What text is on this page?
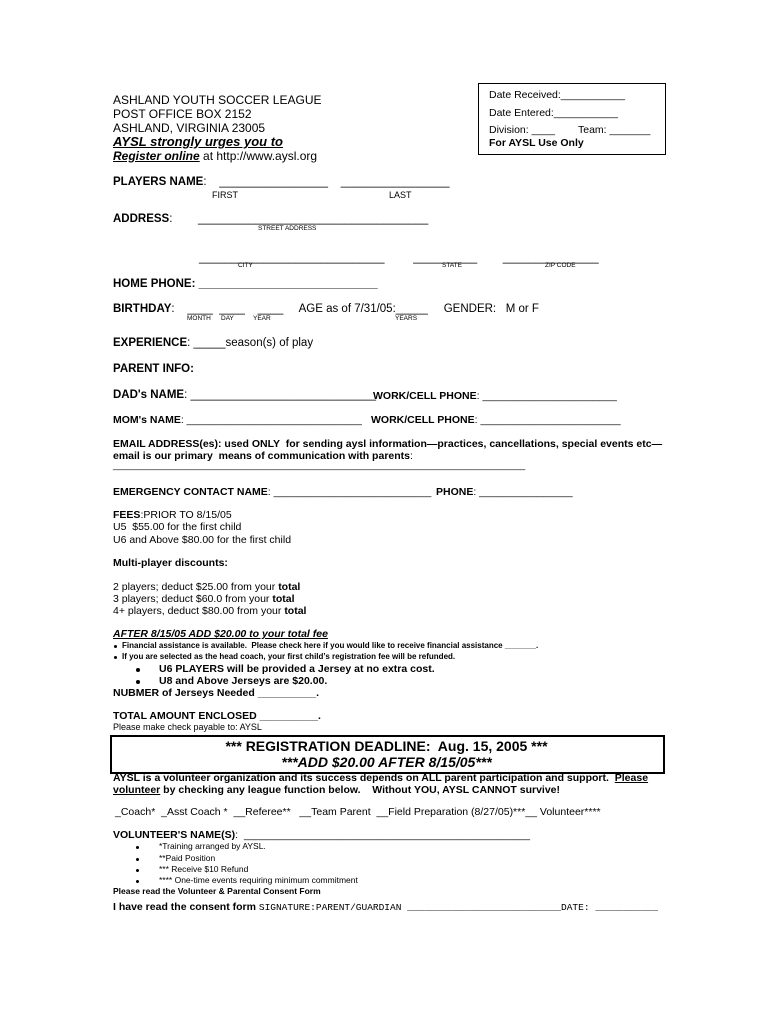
ASHLAND YOUTH SOCCER LEAGUE
POST OFFICE BOX 2152
ASHLAND, VIRGINIA 23005
AYSL strongly urges you to
Register online at http://www.aysl.org
Date Received:___________
Date Entered:___________
Division: ____ Team: _______
For AYSL Use Only
PLAYERS NAME:    _________________    _________________
FIRST	LAST
ADDRESS:        ____________________________________
STREET ADDRESS
_____________________________         __________        _______________
CITY	STATE	ZIP CODE
HOME PHONE: ____________________________
BIRTHDAY:    ____  ____    ____     AGE as of 7/31/05:_____     GENDER:   M or F
MONTH DAY	YEAR	YEARS
EXPERIENCE: _____season(s) of play
PARENT INFO:
DAD's NAME: _____________________________
WORK/CELL PHONE: _______________________
MOM's NAME: ______________________________ WORK/CELL PHONE: ________________________
EMAIL ADDRESS(es): used ONLY  for sending aysl information—practices, cancellations, special events etc—
email is our primary  means of communication with parents:
______________________________________________________________________________
EMERGENCY CONTACT NAME: ___________________________ PHONE: ________________
FEES:PRIOR TO 8/15/05
U5  $55.00 for the first child
U6 and Above $80.00 for the first child
Multi-player discounts:
2 players; deduct $25.00 from your total
3 players; deduct $60.0 from your total
4+ players, deduct $80.00 from your total
AFTER 8/15/05 ADD $20.00 to your total fee
Financial assistance is available.  Please check here if you would like to receive financial assistance _______.
If you are selected as the head coach, your first child’s registration fee will be refunded.
U6 PLAYERS will be provided a Jersey at no extra cost.
U8 and Above Jerseys are $20.00.
NUBMER of Jerseys Needed __________.
TOTAL AMOUNT ENCLOSED __________.
Please make check payable to: AYSL
*** REGISTRATION DEADLINE:  Aug. 15, 2005 ***
***ADD $20.00 AFTER 8/15/05***
AYSL is a volunteer organization and its success depends on ALL parent participation and support.  Please
volunteer by checking any league function below.    Without YOU, AYSL CANNOT survive!
_Coach*  _Asst Coach *  __Referee**   __Team Parent  __Field Preparation (8/27/05)***__ Volunteer****
VOLUNTEER'S NAME(S):  _________________________________________________
*Training arranged by AYSL.
**Paid Position
*** Receive $10 Refund
**** One-time events requiring minimum commitment
Please read the Volunteer & Parental Consent Form
I have read the consent form SIGNATURE:PARENT/GUARDIAN ___________________________DATE: ___________
